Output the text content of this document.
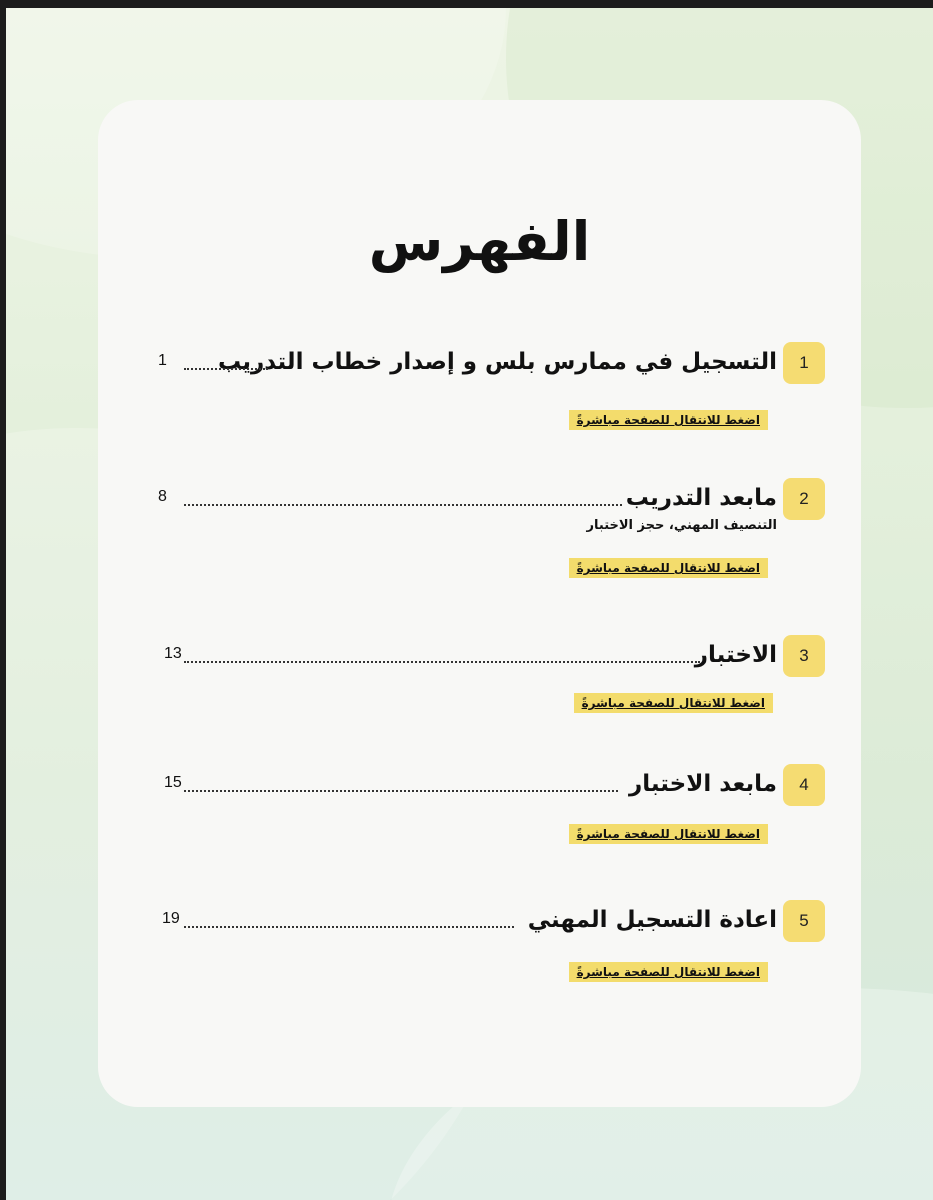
الفهرس
1
التسجيل في ممارس بلس و إصدار خطاب التدريب
1
اضغط للانتقال للصفحة مباشرةً
2
مابعد التدريب
8
التنصيف المهني، حجز الاختبار
اضغط للانتقال للصفحة مباشرةً
3
الاختبار
13
اضغط للانتقال للصفحة مباشرةً
4
مابعد الاختبار
15
اضغط للانتقال للصفحة مباشرةً
5
اعادة التسجيل المهني
19
اضغط للانتقال للصفحة مباشرةً
